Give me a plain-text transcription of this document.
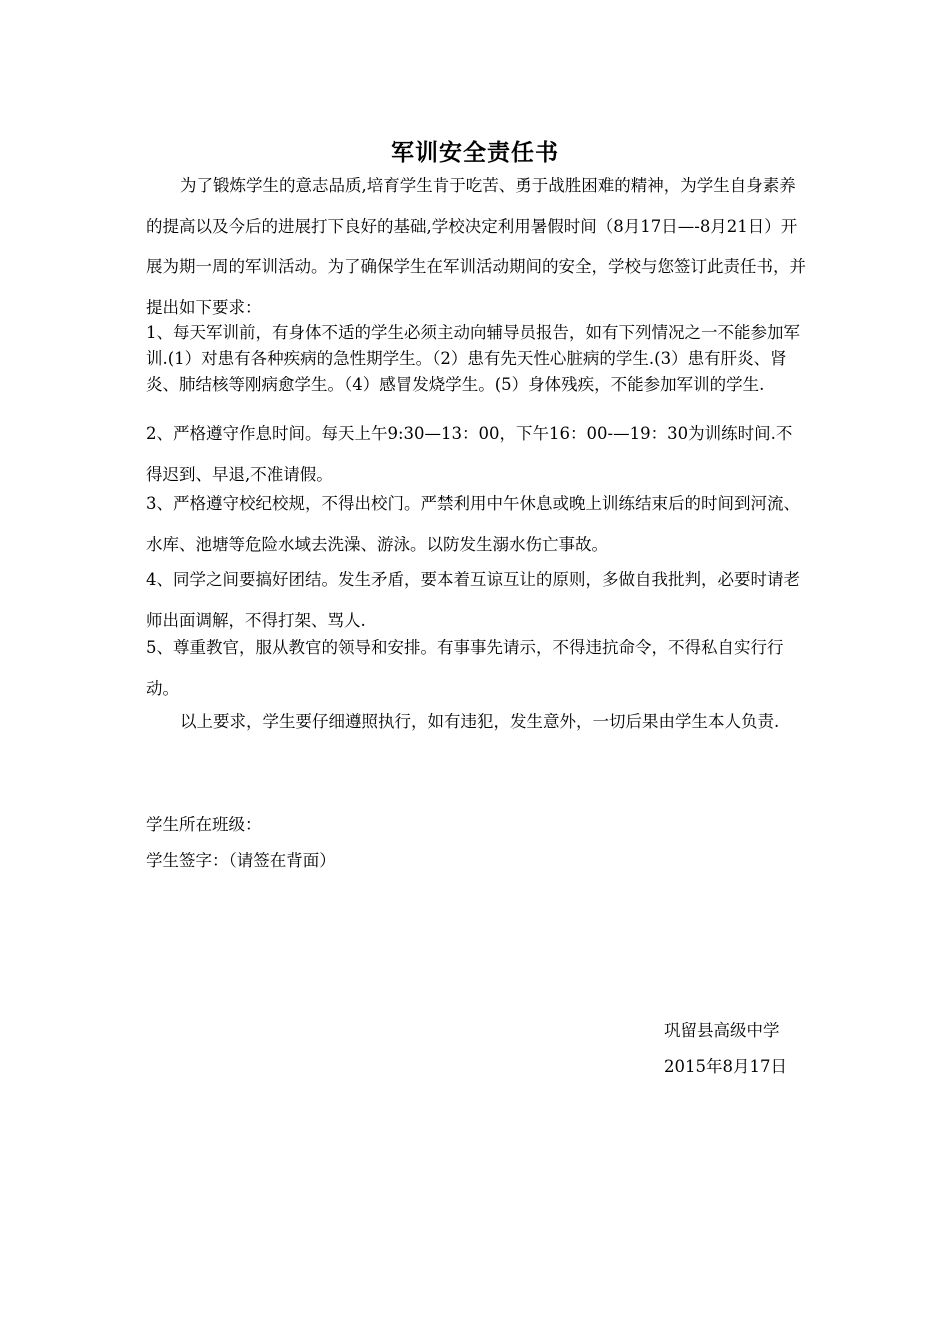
军训安全责任书

为了锻炼学生的意志品质,培育学生肯于吃苦、勇于战胜困难的精神，为学生自身素养的提高以及今后的进展打下良好的基础,学校决定利用暑假时间（8月17日—-8月21日）开展为期一周的军训活动。为了确保学生在军训活动期间的安全，学校与您签订此责任书，并提出如下要求：

1、每天军训前，有身体不适的学生必须主动向辅导员报告，如有下列情况之一不能参加军训.(1）对患有各种疾病的急性期学生。（2）患有先天性心脏病的学生.(3）患有肝炎、肾炎、肺结核等刚病愈学生。（4）感冒发烧学生。(5）身体残疾，不能参加军训的学生.

2、严格遵守作息时间。每天上午9:30—13：00，下午16：00-—19：30为训练时间.不得迟到、早退,不准请假。

3、严格遵守校纪校规，不得出校门。严禁利用中午休息或晚上训练结束后的时间到河流、水库、池塘等危险水域去洗澡、游泳。以防发生溺水伤亡事故。

4、同学之间要搞好团结。发生矛盾，要本着互谅互让的原则，多做自我批判，必要时请老师出面调解，不得打架、骂人.

5、尊重教官，服从教官的领导和安排。有事事先请示，不得违抗命令，不得私自实行行动。

以上要求，学生要仔细遵照执行，如有违犯，发生意外，一切后果由学生本人负责.

学生所在班级：
学生签字：（请签在背面）
巩留县高级中学
2015年8月17日
